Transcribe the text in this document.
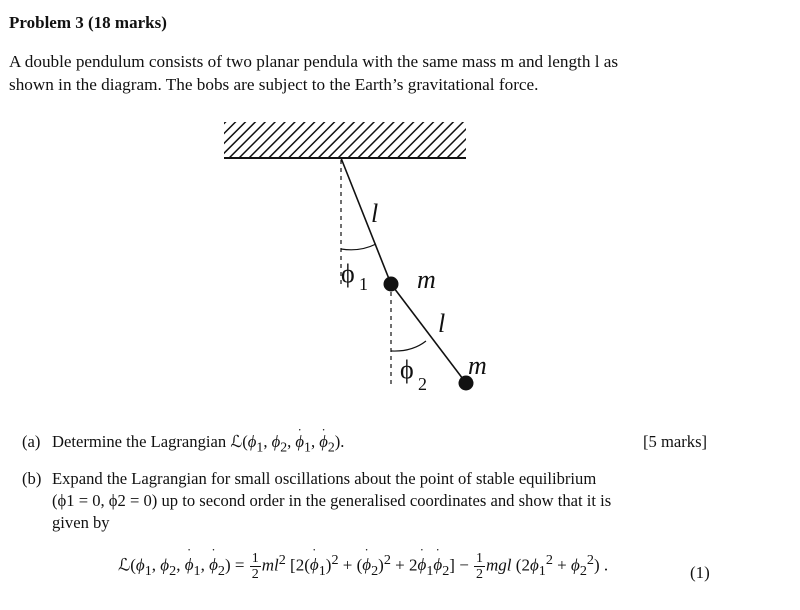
Problem 3 (18 marks)
A double pendulum consists of two planar pendula with the same mass m and length l as
shown in the diagram. The bobs are subject to the Earth’s gravitational force.
l
ϕ 1 m
l
ϕ 2
m
(a) Determine the Lagrangian $ℒ(\phi_1$, $\phi_2$, ˙ $\phi_1$, ˙ $\phi_2$).	[5 marks]
(b) Expand the Lagrangian for small oscillations about the point of stable equilibrium
(ϕ1 = 0, ϕ2 = 0) up to second order in the generalised coordinates and show that it is
given by
$ℒ(\phi_1$, $\phi_2$, ˙ $\phi_1$, ˙ $\phi_2) = \frac{1}{2} ml^2$ [2(˙ $\phi_1)^2$ + (˙ $\phi_2)^2$ + 2˙ $\phi_1˙$ $\phi_2] - \frac{1}{2}$ mgl $(2\phi_1^2 + \phi_2^2)$ .	(1)
